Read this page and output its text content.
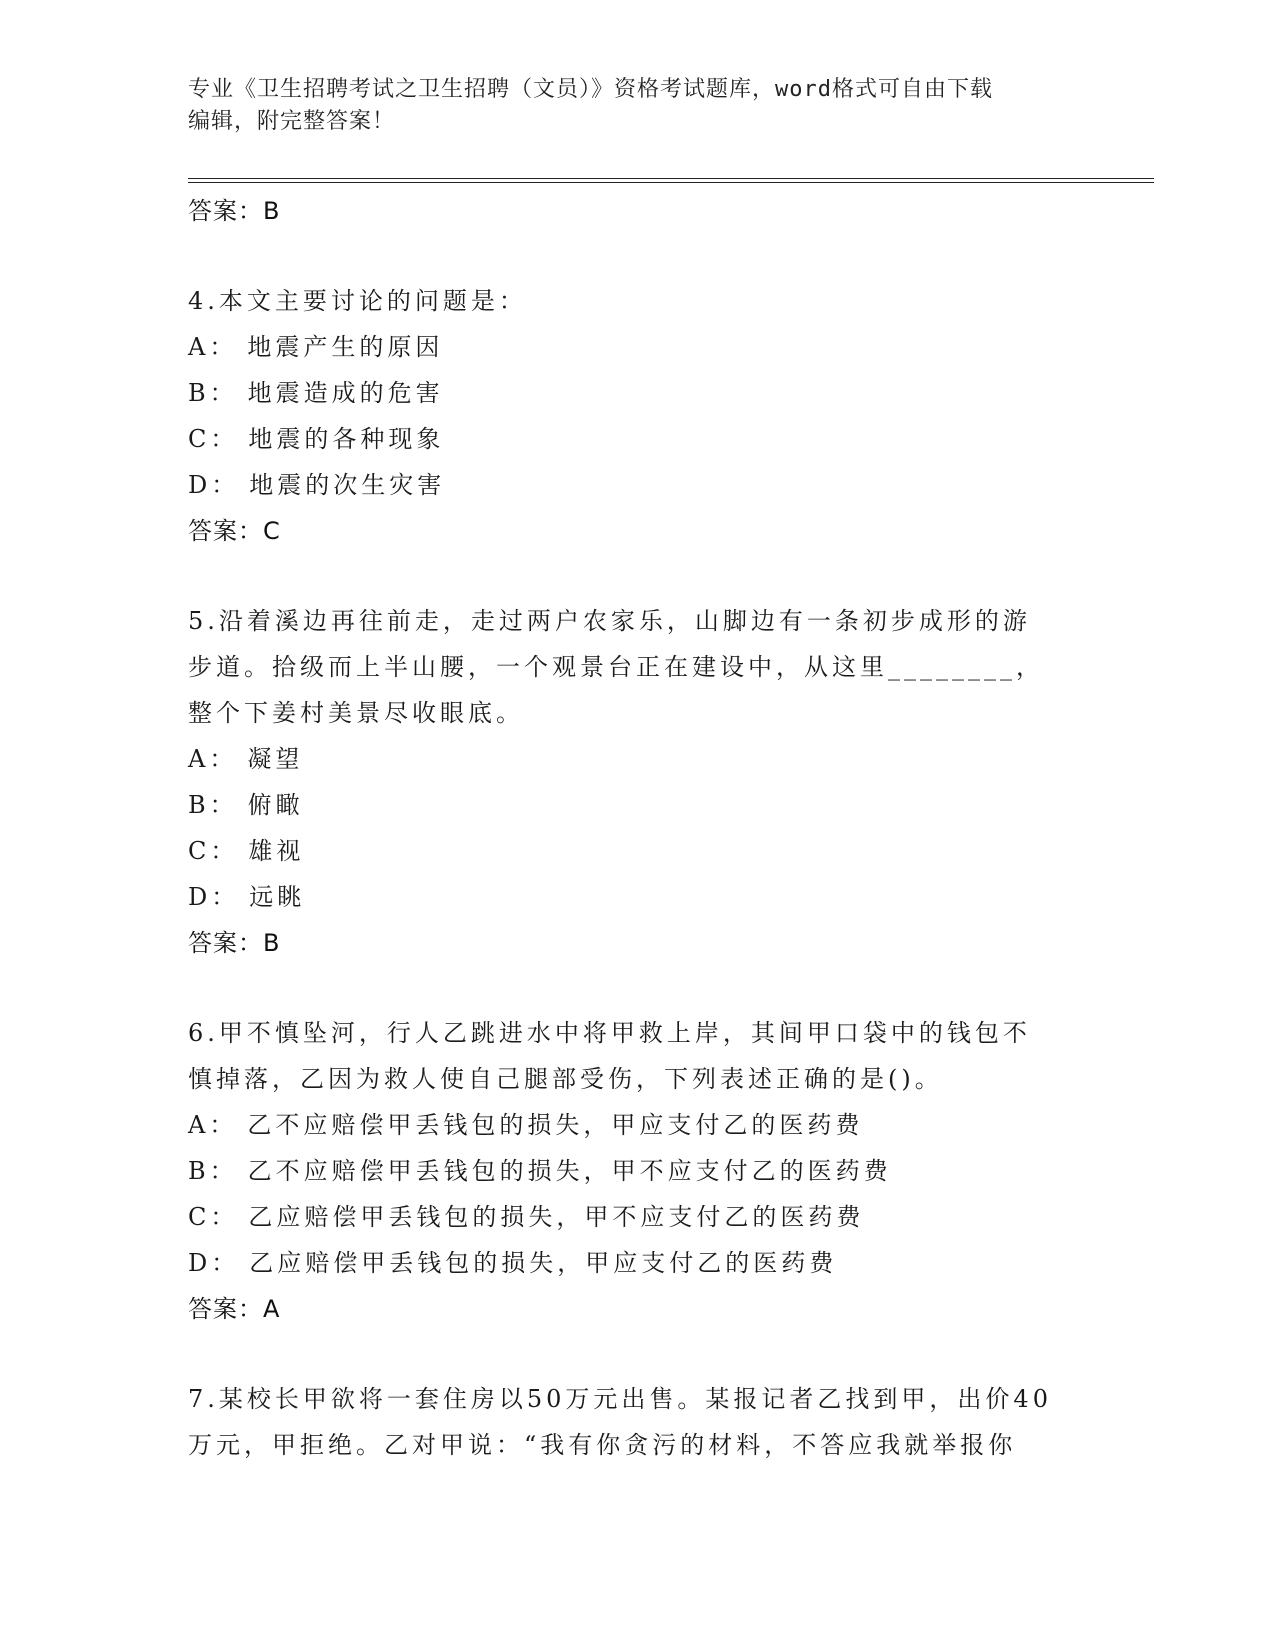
专业《卫生招聘考试之卫生招聘（文员）》资格考试题库，word格式可自由下载
编辑，附完整答案！
答案：B
4.本文主要讨论的问题是：
A： 地震产生的原因
B： 地震造成的危害
C： 地震的各种现象
D： 地震的次生灾害
答案：C
5.沿着溪边再往前走，走过两户农家乐，山脚边有一条初步成形的游
步道。拾级而上半山腰，一个观景台正在建设中，从这里________，
整个下姜村美景尽收眼底。
A： 凝望
B： 俯瞰
C： 雄视
D： 远眺
答案：B
6.甲不慎坠河，行人乙跳进水中将甲救上岸，其间甲口袋中的钱包不
慎掉落，乙因为救人使自己腿部受伤，下列表述正确的是()。
A： 乙不应赔偿甲丢钱包的损失，甲应支付乙的医药费
B： 乙不应赔偿甲丢钱包的损失，甲不应支付乙的医药费
C： 乙应赔偿甲丢钱包的损失，甲不应支付乙的医药费
D： 乙应赔偿甲丢钱包的损失，甲应支付乙的医药费
答案：A
7.某校长甲欲将一套住房以50万元出售。某报记者乙找到甲，出价40
万元，甲拒绝。乙对甲说：“我有你贪污的材料，不答应我就举报你
